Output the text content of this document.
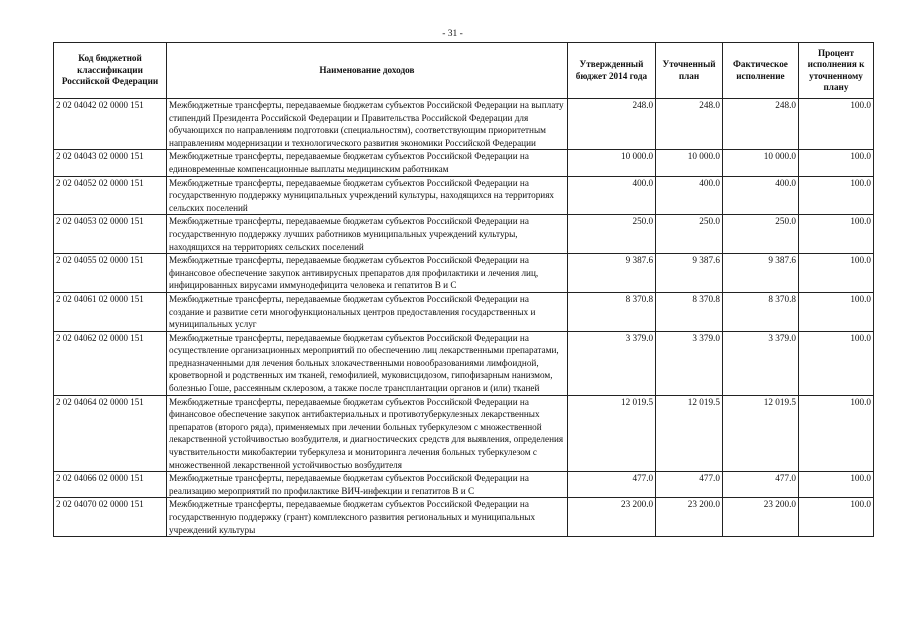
- 31 -
Код бюджетной классификации Российской Федерации	Наименование доходов	Утвержденный бюджет 2014 года	Уточненный план	Фактическое исполнение	Процент исполнения к уточненному плану
2 02 04042 02 0000 151	Межбюджетные трансферты, передаваемые бюджетам субъектов Российской Федерации на выплату стипендий Президента Российской Федерации и Правительства Российской Федерации для обучающихся по направлениям подготовки (специальностям), соответствующим приоритетным направлениям модернизации и технологического развития экономики Российской Федерации	248.0	248.0	248.0	100.0
2 02 04043 02 0000 151	Межбюджетные трансферты, передаваемые бюджетам субъектов Российской Федерации на единовременные компенсационные выплаты медицинским работникам	10 000.0	10 000.0	10 000.0	100.0
2 02 04052 02 0000 151	Межбюджетные трансферты, передаваемые бюджетам субъектов Российской Федерации на государственную поддержку муниципальных учреждений культуры, находящихся на территориях сельских поселений	400.0	400.0	400.0	100.0
2 02 04053 02 0000 151	Межбюджетные трансферты, передаваемые бюджетам субъектов Российской Федерации на государственную поддержку лучших работников муниципальных учреждений культуры, находящихся на территориях сельских поселений	250.0	250.0	250.0	100.0
2 02 04055 02 0000 151	Межбюджетные трансферты, передаваемые бюджетам субъектов Российской Федерации на финансовое обеспечение закупок антивирусных препаратов для профилактики и лечения лиц, инфицированных вирусами иммунодефицита человека и гепатитов В и С	9 387.6	9 387.6	9 387.6	100.0
2 02 04061 02 0000 151	Межбюджетные трансферты, передаваемые бюджетам субъектов Российской Федерации на создание и развитие сети многофункциональных центров предоставления государственных и муниципальных услуг	8 370.8	8 370.8	8 370.8	100.0
2 02 04062 02 0000 151	Межбюджетные трансферты, передаваемые бюджетам субъектов Российской Федерации на осуществление организационных мероприятий по обеспечению лиц лекарственными препаратами, предназначенными для лечения больных злокачественными новообразованиями лимфоидной, кроветворной и родственных им тканей, гемофилией, муковисцидозом, гипофизарным нанизмом, болезнью Гоше, рассеянным склерозом, а также после трансплантации органов и (или) тканей	3 379.0	3 379.0	3 379.0	100.0
2 02 04064 02 0000 151	Межбюджетные трансферты, передаваемые бюджетам субъектов Российской Федерации на финансовое обеспечение закупок антибактериальных и противотуберкулезных лекарственных препаратов (второго ряда), применяемых при лечении больных туберкулезом с множественной лекарственной устойчивостью возбудителя, и диагностических средств для выявления, определения чувствительности микобактерии туберкулеза и мониторинга лечения больных туберкулезом с множественной лекарственной устойчивостью возбудителя	12 019.5	12 019.5	12 019.5	100.0
2 02 04066 02 0000 151	Межбюджетные трансферты, передаваемые бюджетам субъектов Российской Федерации на реализацию мероприятий по профилактике ВИЧ-инфекции и гепатитов В и С	477.0	477.0	477.0	100.0
2 02 04070 02 0000 151	Межбюджетные трансферты, передаваемые бюджетам субъектов Российской Федерации на государственную поддержку (грант) комплексного развития региональных и муниципальных учреждений культуры	23 200.0	23 200.0	23 200.0	100.0
